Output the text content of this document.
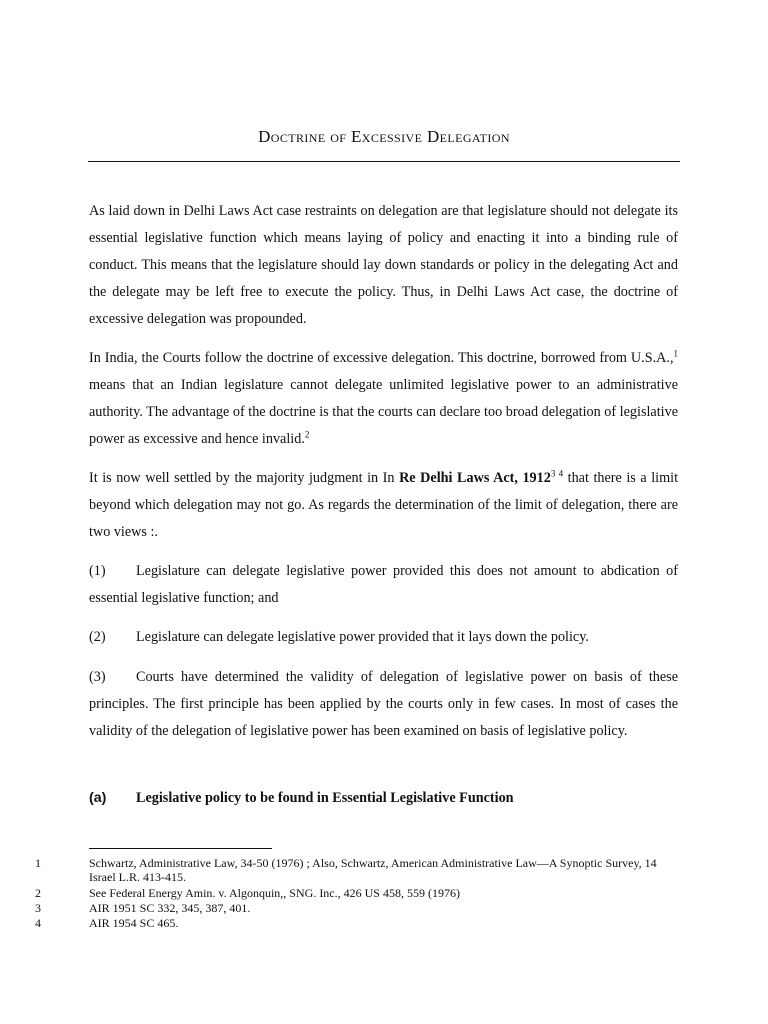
Doctrine of Excessive Delegation

As laid down in Delhi Laws Act case restraints on delegation are that legislature should not delegate its essential legislative function which means laying of policy and enacting it into a binding rule of conduct. This means that the legislature should lay down standards or policy in the delegating Act and the delegate may be left free to execute the policy. Thus, in Delhi Laws Act case, the doctrine of excessive delegation was propounded.

In India, the Courts follow the doctrine of excessive delegation. This doctrine, borrowed from U.S.A.,$^1$ means that an Indian legislature cannot delegate unlimited legislative power to an administrative authority. The advantage of the doctrine is that the courts can declare too broad delegation of legislative power as excessive and hence invalid.$^2$

It is now well settled by the majority judgment in In Re Delhi Laws Act, $1912^{3 4}$ that there is a limit beyond which delegation may not go. As regards the determination of the limit of delegation, there are two views :.

(1) Legislature can delegate legislative power provided this does not amount to abdication of essential legislative function; and

(2) Legislature can delegate legislative power provided that it lays down the policy.

(3) Courts have determined the validity of delegation of legislative power on basis of these principles. The first principle has been applied by the courts only in few cases. In most of cases the validity of the delegation of legislative power has been examined on basis of legislative policy.

(a) Legislative policy to be found in Essential Legislative Function

1	Schwartz, Administrative Law, 34-50 (1976) ; Also, Schwartz, American Administrative Law—A Synoptic Survey, 14 Israel L.R. 413-415.
2	See Federal Energy Amin. v. Algonquin,, SNG. Inc., 426 US 458, 559 (1976)
3	AIR 1951 SC 332, 345, 387, 401.
4	AIR 1954 SC 465.
